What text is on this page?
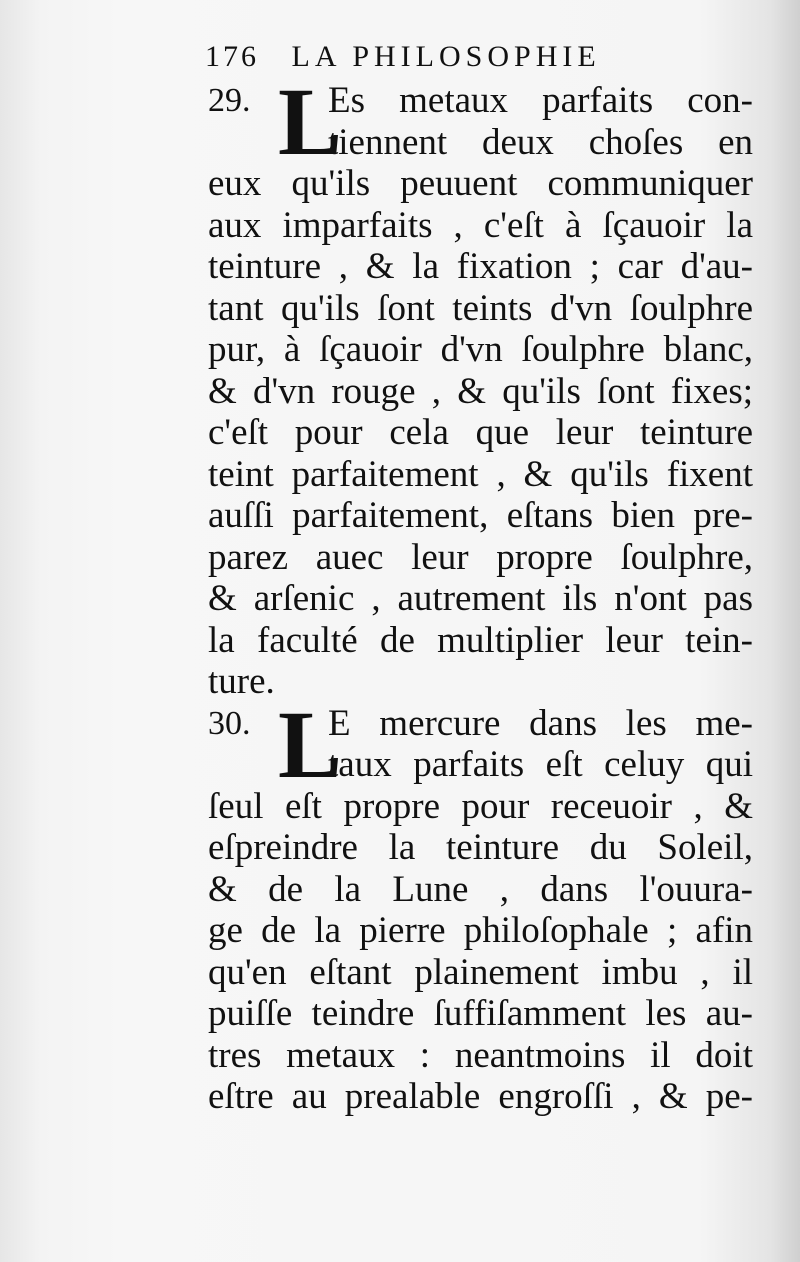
176 LA PHILOSOPHIE
29. L
Es metaux parfaits con-
tiennent deux choſes en
eux qu'ils peuuent communiquer
aux imparfaits , c'eſt à ſçauoir la
teinture , & la fixation ; car d'au-
tant qu'ils ſont teints d'vn ſoulphre
pur, à ſçauoir d'vn ſoulphre blanc,
& d'vn rouge , & qu'ils ſont fixes;
c'eſt pour cela que leur teinture
teint parfaitement , & qu'ils fixent
auſſi parfaitement, eſtans bien pre-
parez auec leur propre ſoulphre,
& arſenic , autrement ils n'ont pas
la faculté de multiplier leur tein-
ture.
30. L
E mercure dans les me-
taux parfaits eſt celuy qui
ſeul eſt propre pour receuoir , &
eſpreindre la teinture du Soleil,
& de la Lune , dans l'ouura-
ge de la pierre philoſophale ; afin
qu'en eſtant plainement imbu , il
puiſſe teindre ſuffiſamment les au-
tres metaux : neantmoins il doit
eſtre au prealable engroſſi , & pe-
